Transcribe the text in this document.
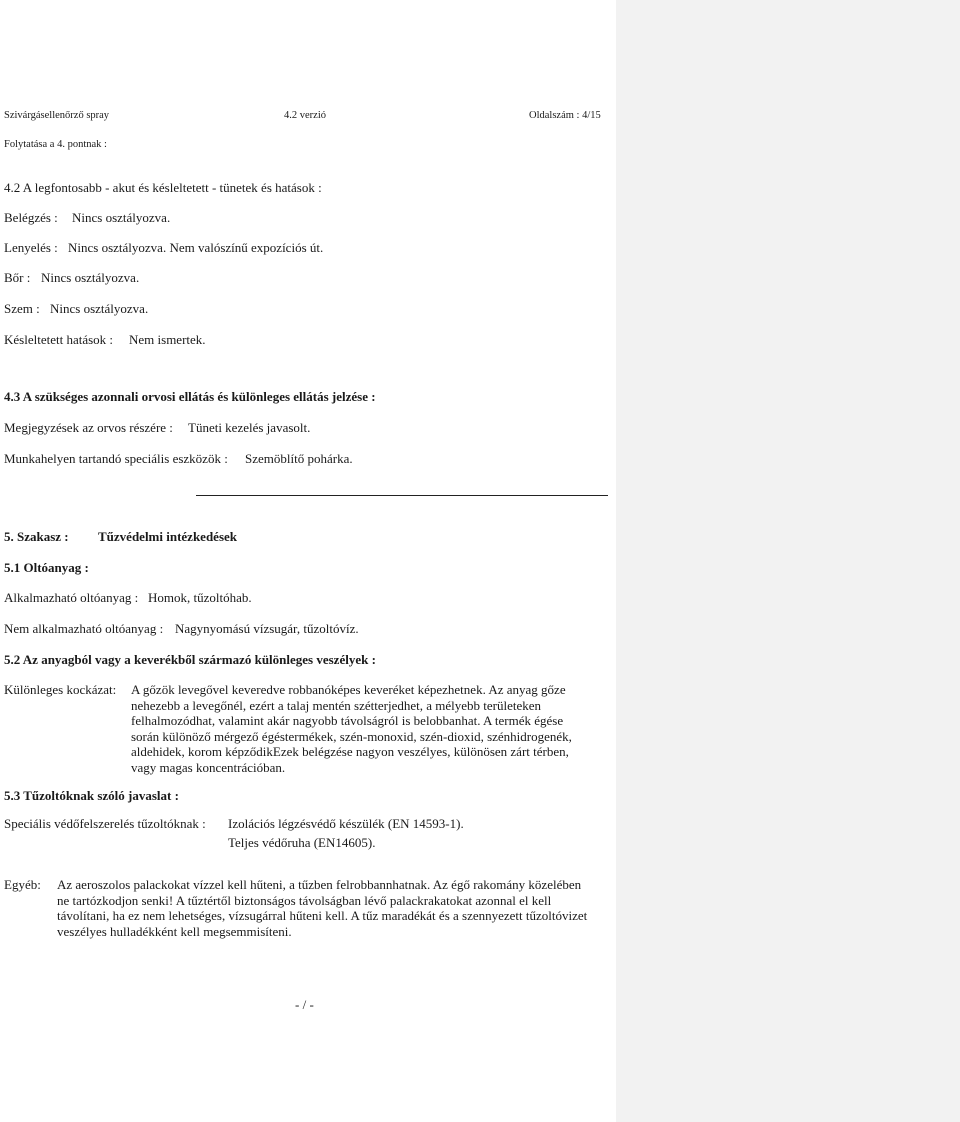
Szivárgásellenőrző spray	4.2 verzió	Oldalszám : 4/15
Folytatása a 4. pontnak :
4.2 A legfontosabb - akut és késleltetett - tünetek és hatások :
Belégzés : Nincs osztályozva.
Lenyelés : Nincs osztályozva. Nem valószínű expozíciós út.
Bőr : Nincs osztályozva.
Szem : Nincs osztályozva.
Késleltetett hatások : Nem ismertek.
4.3 A szükséges azonnali orvosi ellátás és különleges ellátás jelzése :
Megjegyzések az orvos részére : Tüneti kezelés javasolt.
Munkahelyen tartandó speciális eszközök : Szemöblítő pohárka.
5. Szakasz : Tűzvédelmi intézkedések
5.1 Oltóanyag :
Alkalmazható oltóanyag : Homok, tűzoltóhab.
Nem alkalmazható oltóanyag : Nagynyomású vízsugár, tűzoltóvíz.
5.2 Az anyagból vagy a keverékből származó különleges veszélyek :
Különleges kockázat: A gőzök levegővel keveredve robbanóképes keveréket képezhetnek. Az anyag gőze
nehezebb a levegőnél, ezért a talaj mentén szétterjedhet, a mélyebb területeken
felhalmozódhat, valamint akár nagyobb távolságról is belobbanhat. A termék égése
során különöző mérgező égéstermékek, szén-monoxid, szén-dioxid, szénhidrogenék,
aldehidek, korom képződikEzek belégzése nagyon veszélyes, különösen zárt térben,
vagy magas koncentrációban.
5.3 Tűzoltóknak szóló javaslat :
Speciális védőfelszerelés tűzoltóknak : Izolációs légzésvédő készülék (EN 14593-1).
Teljes védőruha (EN14605).
Egyéb: Az aeroszolos palackokat vízzel kell hűteni, a tűzben felrobbannhatnak. Az égő rakomány közelében
ne tartózkodjon senki! A tűztértől biztonságos távolságban lévő palackrakatokat azonnal el kell
távolítani, ha ez nem lehetséges, vízsugárral hűteni kell. A tűz maradékát és a szennyezett tűzoltóvizet
veszélyes hulladékként kell megsemmisíteni.
- / -
